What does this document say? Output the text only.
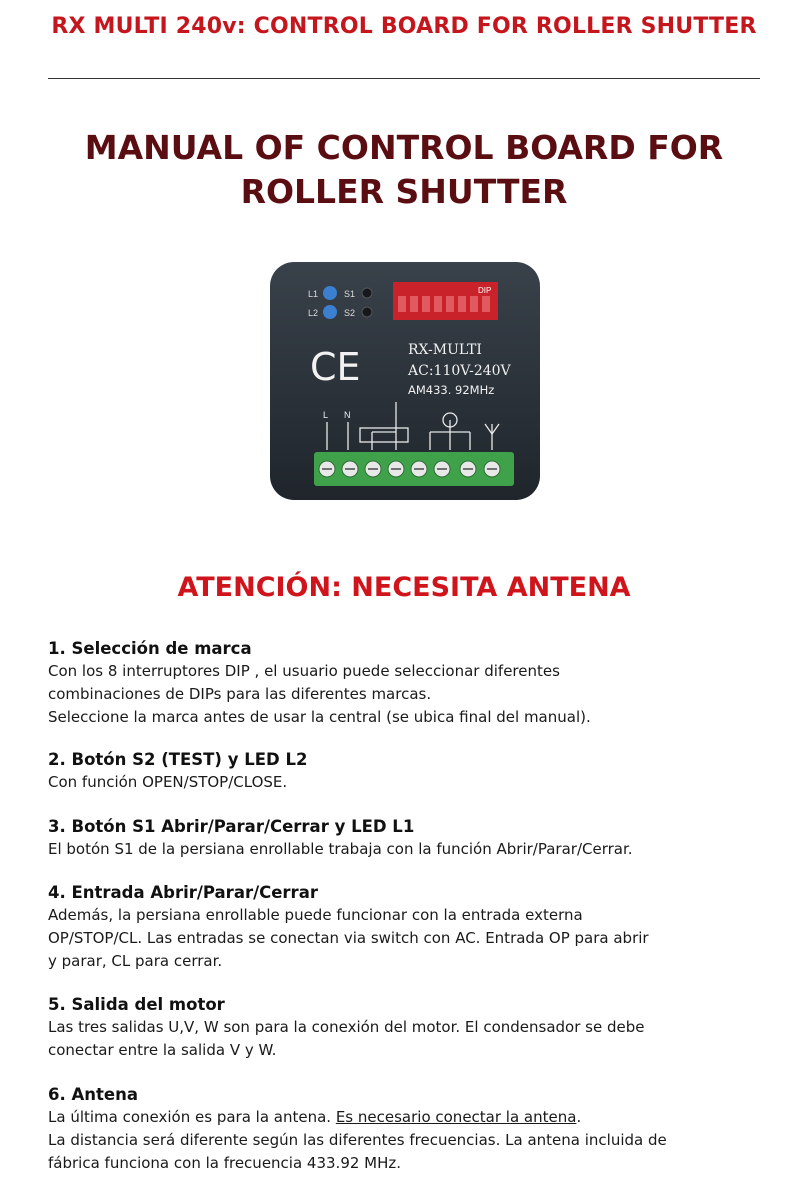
RX MULTI 240v: CONTROL BOARD FOR ROLLER SHUTTER
MANUAL OF CONTROL BOARD FOR
ROLLER SHUTTER
L1
L2
S1
S2
DIP
CE	RX-MULTI
AC:110V-240V
AM433. 92MHz
L N
ATENCIÓN: NECESITA ANTENA
1. Selección de marca

Con los 8 interruptores DIP , el usuario puede seleccionar diferentes

combinaciones de DIPs para las diferentes marcas.

Seleccione la marca antes de usar la central (se ubica final del manual).

2. Botón S2 (TEST) y LED L2

Con función OPEN/STOP/CLOSE.

3. Botón S1 Abrir/Parar/Cerrar y LED L1

El botón S1 de la persiana enrollable trabaja con la función Abrir/Parar/Cerrar.

4. Entrada Abrir/Parar/Cerrar

Además, la persiana enrollable puede funcionar con la entrada externa

OP/STOP/CL. Las entradas se conectan via switch con AC. Entrada OP para abrir

y parar, CL para cerrar.

5. Salida del motor

Las tres salidas U,V, W son para la conexión del motor. El condensador se debe

conectar entre la salida V y W.

6. Antena

La última conexión es para la antena. Es necesario conectar la antena.

La distancia será diferente según las diferentes frecuencias. La antena incluida de

fábrica funciona con la frecuencia 433.92 MHz.
